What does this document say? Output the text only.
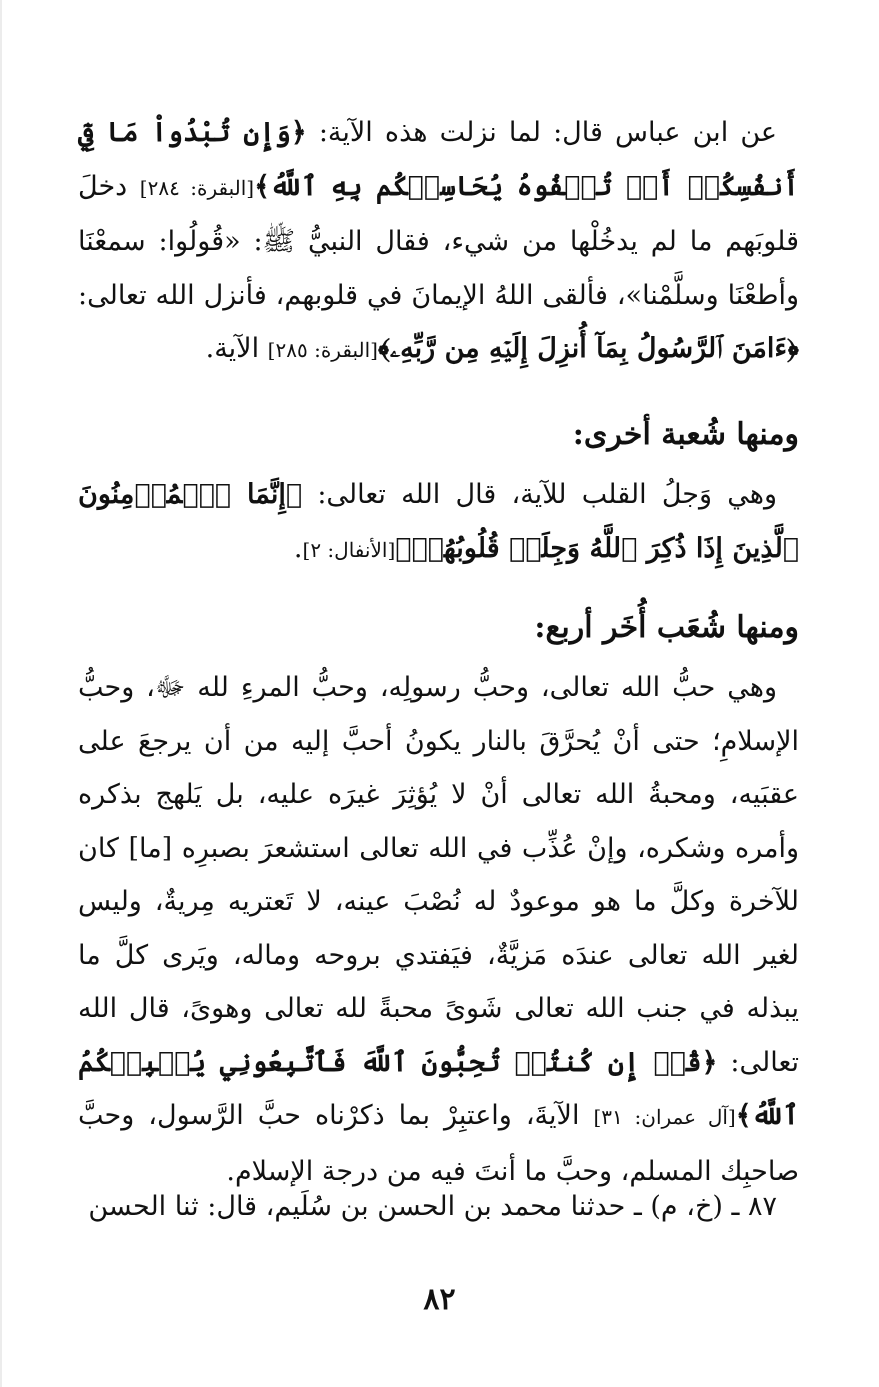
عن ابن عباس قال: لما نزلت هذه الآية: ﴿وَإِن تُبْدُواْ مَا فِيٓ أَنفُسِكُمۡ أَوۡ تُخۡفُوهُ يُحَاسِبۡكُم بِهِ ٱللَّهُ﴾[البقرة: ٢٨٤] دخلَ قلوبَهم ما لم يدخُلْها من شيء، فقال النبيُّ ﷺ: «قُولُوا: سمعْنَا وأطعْنَا وسلَّمْنا»، فألقى اللهُ الإيمانَ في قلوبهم، فأنزل الله تعالى: ﴿ءَامَنَ ٱلرَّسُولُ بِمَآ أُنزِلَ إِلَيۡهِ مِن رَّبِّهِۦ﴾[البقرة: ٢٨٥] الآية.

ومنها شُعبة أخرى:

وهي وَجلُ القلب للآية، قال الله تعالى: ﴿إِنَّمَا ٱلۡمُؤۡمِنُونَ ٱلَّذِينَ إِذَا ذُكِرَ ٱللَّهُ وَجِلَتۡ قُلُوبُهُمۡ﴾[الأنفال: ٢].

ومنها شُعَب أُخَر أربع:

وهي حبُّ الله تعالى، وحبُّ رسولِه، وحبُّ المرءِ لله ﷻ، وحبُّ الإسلامِ؛ حتى أنْ يُحرَّقَ بالنار يكونُ أحبَّ إليه من أن يرجعَ على عقبَيه، ومحبةُ الله تعالى أنْ لا يُؤثِرَ غيرَه عليه، بل يَلهج بذكره وأمره وشكره، وإنْ عُذِّب في الله تعالى استشعرَ بصبرِه [ما] كان للآخرة وكلَّ ما هو موعودٌ له نُصْبَ عينه، لا تَعتريه مِريةٌ، وليس لغير الله تعالى عندَه مَزيَّةٌ، فيَفتدي بروحه وماله، ويَرى كلَّ ما يبذله في جنب الله تعالى شَوىً محبةً لله تعالى وهوىً، قال الله تعالى: ﴿قُلۡ إِن كُنتُمۡ تُحِبُّونَ ٱللَّهَ فَٱتَّبِعُونِي يُحۡبِبۡكُمُ ٱللَّهُ﴾[آل عمران: ٣١] الآيةَ، واعتبِرْ بما ذكرْناه حبَّ الرَّسول، وحبَّ صاحبِك المسلم، وحبَّ ما أنتَ فيه من درجة الإسلام.

٨٧ ـ (خ، م) ـ حدثنا محمد بن الحسن بن سُلَيم، قال: ثنا الحسن

٨٢
